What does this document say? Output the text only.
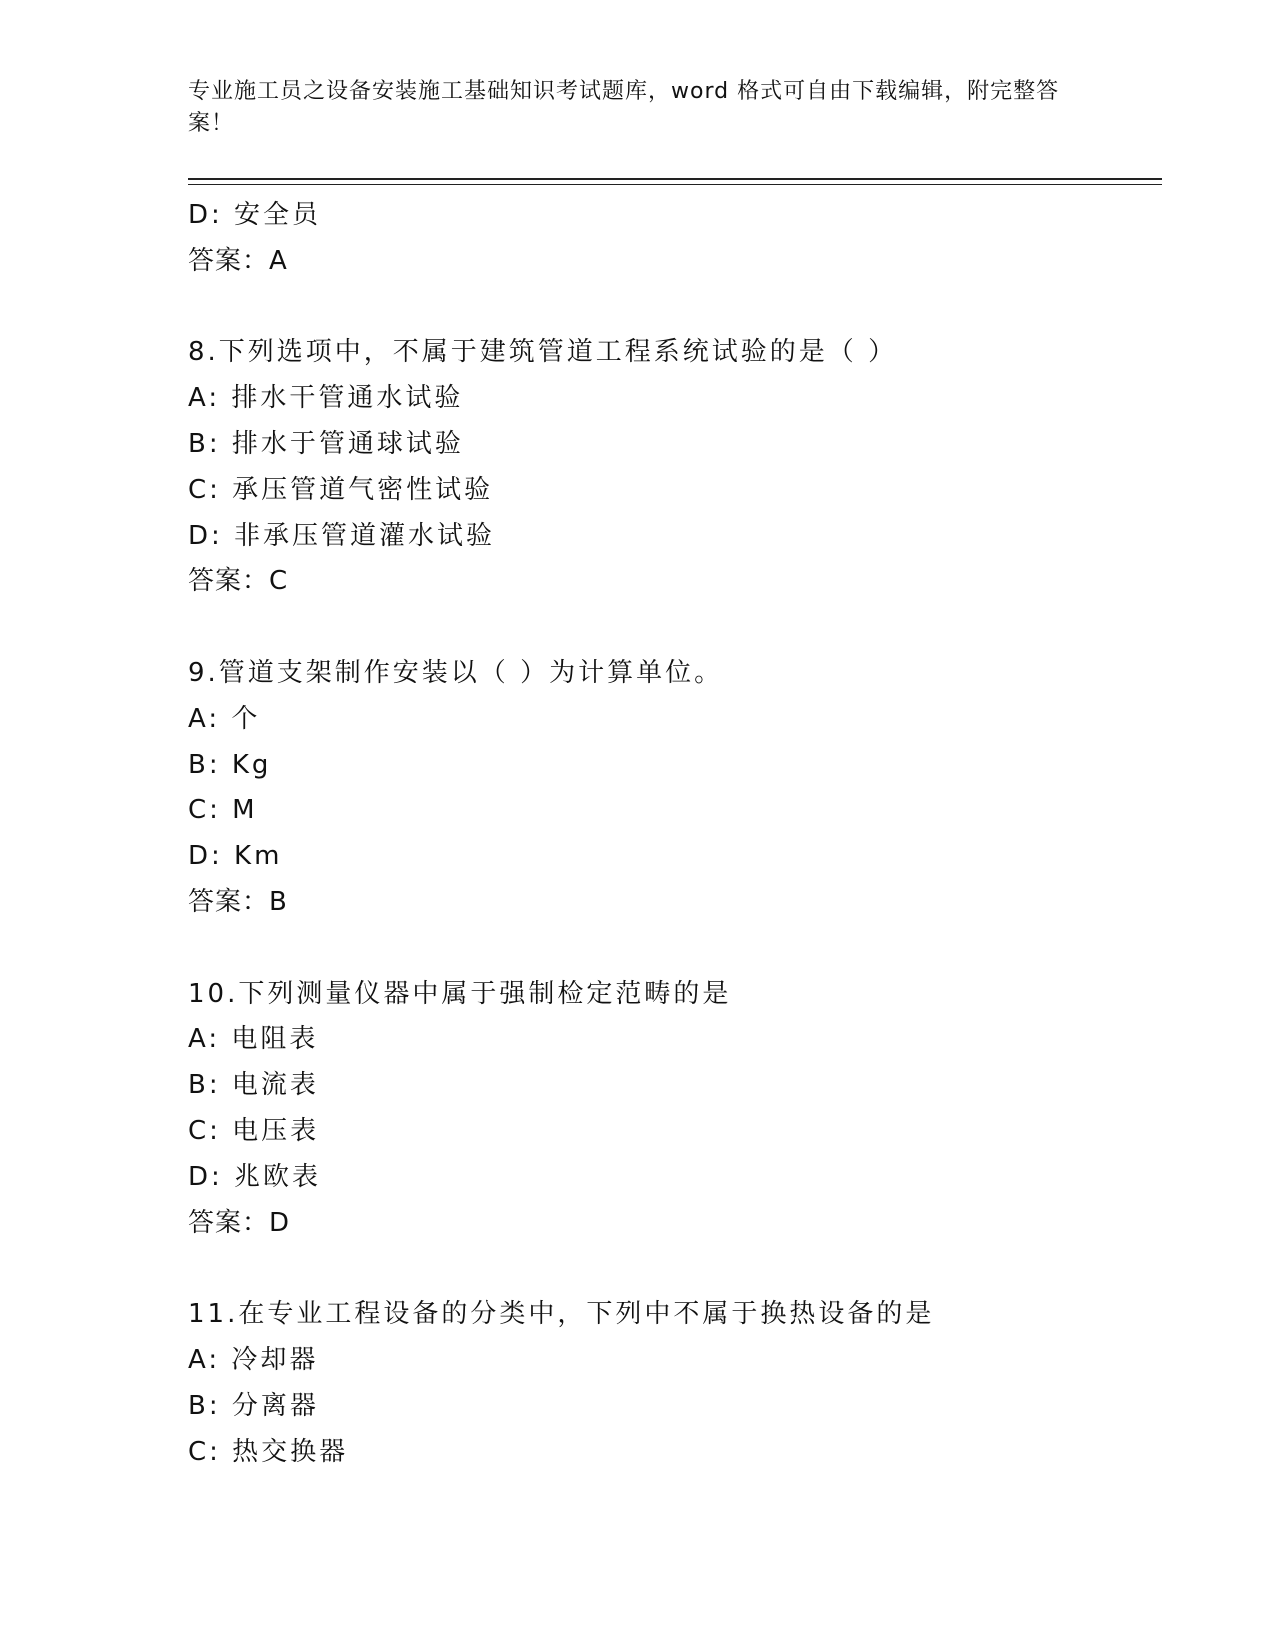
专业施工员之设备安装施工基础知识考试题库，word 格式可自由下载编辑，附完整答案！
D: 安全员
答案：A
8.下列选项中，不属于建筑管道工程系统试验的是（ ）
A: 排水干管通水试验
B: 排水于管通球试验
C: 承压管道气密性试验
D: 非承压管道灌水试验
答案：C
9.管道支架制作安装以（ ）为计算单位。
A: 个
B: Kg
C: M
D: Km
答案：B
10.下列测量仪器中属于强制检定范畴的是
A: 电阻表
B: 电流表
C: 电压表
D: 兆欧表
答案：D
11.在专业工程设备的分类中，下列中不属于换热设备的是
A: 冷却器
B: 分离器
C: 热交换器
